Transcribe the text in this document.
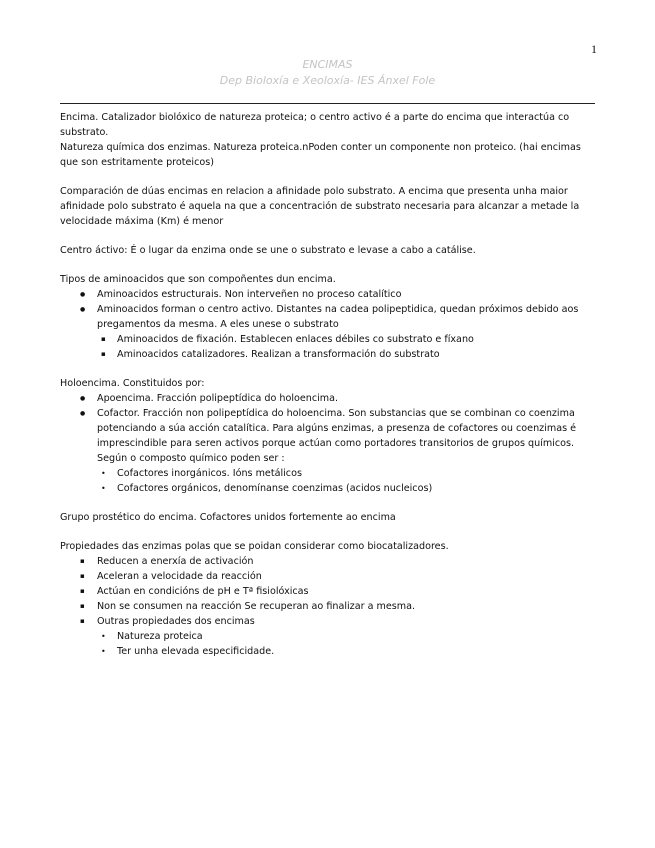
1
ENCIMAS
Dep Bioloxía e Xeoloxía- IES Ánxel Fole

Encima. Catalizador biolóxico de natureza proteica; o centro activo é a parte do encima que interactúa co substrato.

Natureza química dos enzimas. Natureza proteica.nPoden conter un componente non proteico. (hai encimas que son estritamente proteicos)

Comparación de dúas encimas en relacion a afinidade polo substrato. A encima que presenta unha maior afinidade polo substrato é aquela na que a concentración de substrato necesaria para alcanzar a metade la velocidade máxima (Km) é menor

Centro áctivo: É o lugar da enzima onde se une o substrato e levase a cabo a catálise.

Tipos de aminoacidos que son compoñentes dun encima.

● Aminoacidos estructurais. Non interveñen no proceso catalítico
● Aminoacidos forman o centro activo. Distantes na cadea polipeptidica, quedan próximos debido aos pregamentos da mesma. A eles unese o substrato
▪ Aminoacidos de fixación. Establecen enlaces débiles co substrato e fíxano
▪ Aminoacidos catalizadores. Realizan a transformación do substrato

Holoencima. Constituidos por:

● Apoencima. Fracción polipeptídica do holoencima.
● Cofactor. Fracción non polipeptídica do holoencima. Son substancias que se combinan co coenzima potenciando a súa acción catalítica. Para algúns enzimas, a presenza de cofactores ou coenzimas é imprescindible para seren activos porque actúan como portadores transitorios de grupos químicos. Según o composto químico poden ser :
• Cofactores inorgánicos. Ións metálicos
• Cofactores orgánicos, denomínanse coenzimas (acidos nucleicos)

Grupo prostético do encima. Cofactores unidos fortemente ao encima

Propiedades das enzimas polas que se poidan considerar como biocatalizadores.

▪ Reducen a enerxía de activación
▪ Aceleran a velocidade da reacción
▪ Actúan en condicións de pH e Tª fisiolóxicas
▪ Non se consumen na reacción Se recuperan ao finalizar a mesma.
▪ Outras propiedades dos encimas
• Natureza proteica
• Ter unha elevada especificidade.
